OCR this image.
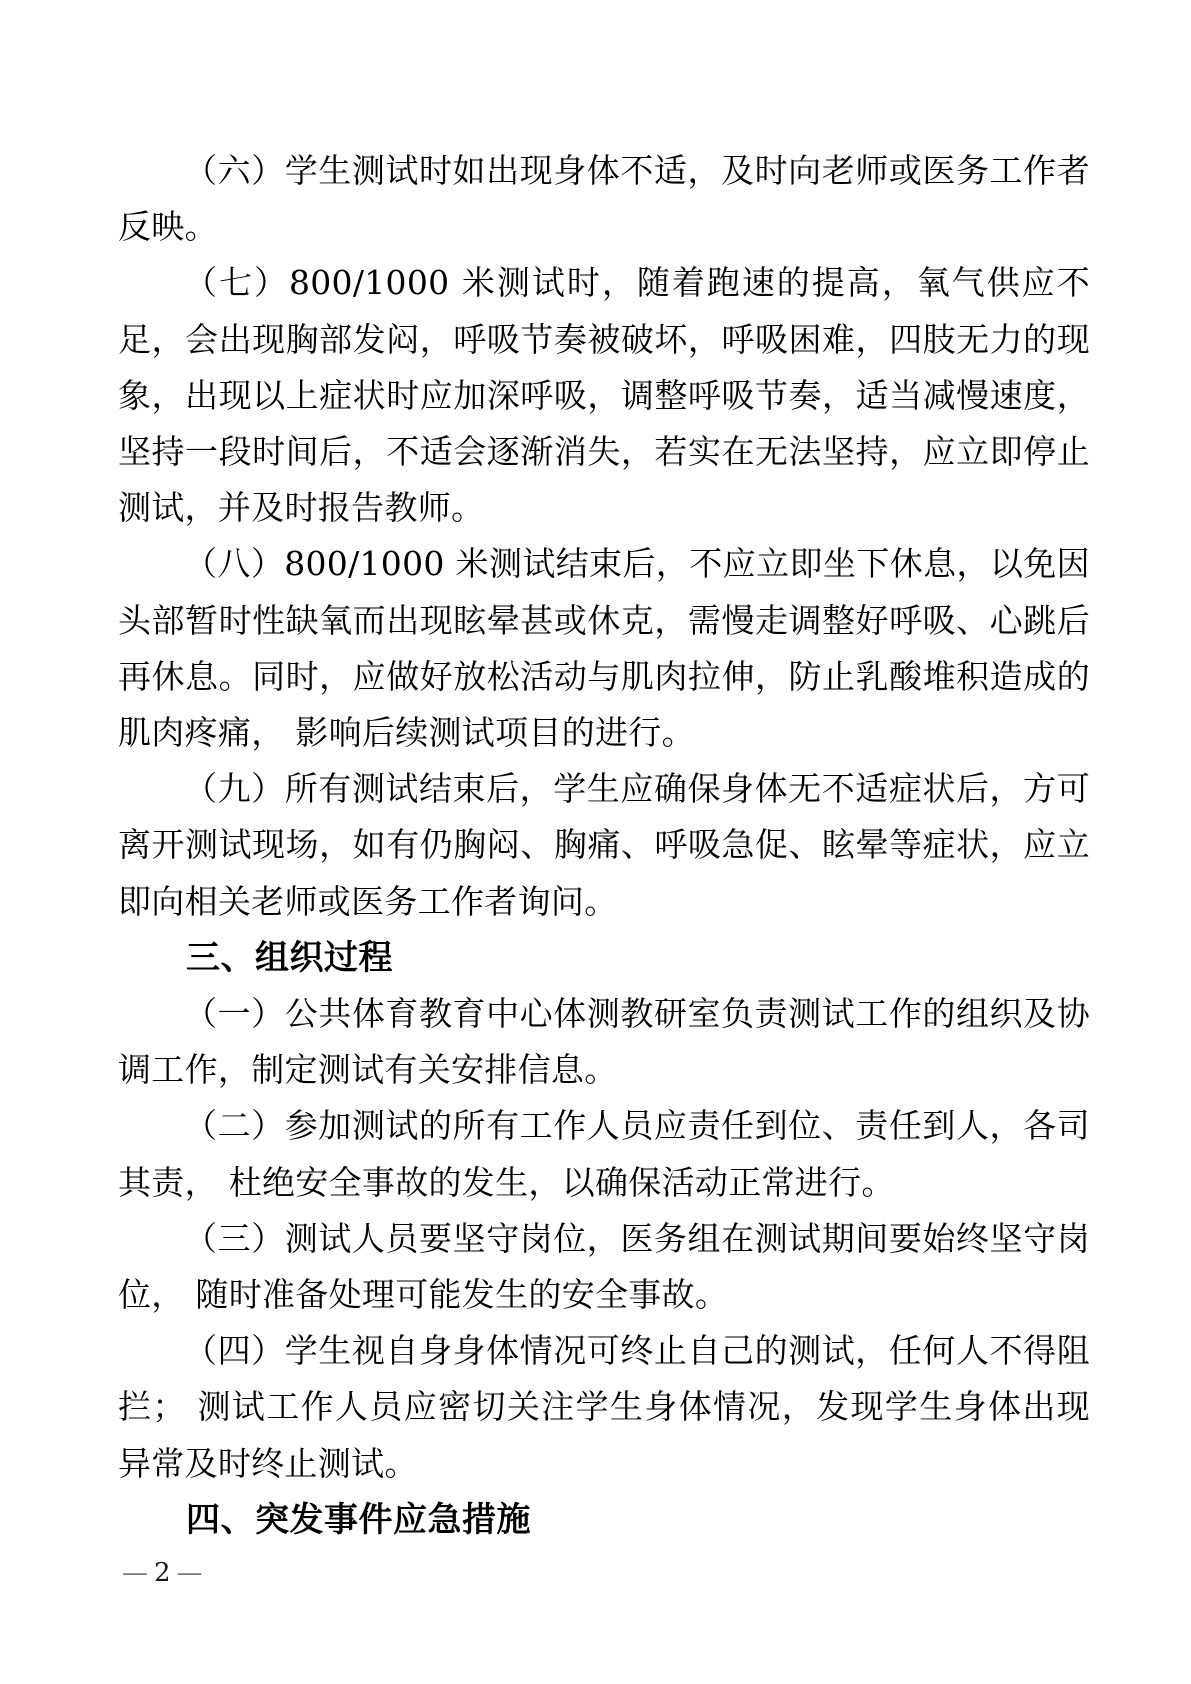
（六）学生测试时如出现身体不适，及时向老师或医务工作者反映。

（七）800/1000 米测试时，随着跑速的提高，氧气供应不足，会出现胸部发闷，呼吸节奏被破坏，呼吸困难，四肢无力的现象，出现以上症状时应加深呼吸，调整呼吸节奏，适当减慢速度，坚持一段时间后，不适会逐渐消失，若实在无法坚持，应立即停止测试，并及时报告教师。

（八）800/1000 米测试结束后，不应立即坐下休息，以免因头部暂时性缺氧而出现眩晕甚或休克，需慢走调整好呼吸、心跳后再休息。同时，应做好放松活动与肌肉拉伸，防止乳酸堆积造成的肌肉疼痛， 影响后续测试项目的进行。

（九）所有测试结束后，学生应确保身体无不适症状后，方可离开测试现场，如有仍胸闷、胸痛、呼吸急促、眩晕等症状，应立即向相关老师或医务工作者询问。

三、组织过程

（一）公共体育教育中心体测教研室负责测试工作的组织及协调工作，制定测试有关安排信息。

（二）参加测试的所有工作人员应责任到位、责任到人，各司其责， 杜绝安全事故的发生，以确保活动正常进行。

（三）测试人员要坚守岗位，医务组在测试期间要始终坚守岗位， 随时准备处理可能发生的安全事故。

（四）学生视自身身体情况可终止自己的测试，任何人不得阻拦； 测试工作人员应密切关注学生身体情况，发现学生身体出现异常及时终止测试。

四、突发事件应急措施

— 2 —
